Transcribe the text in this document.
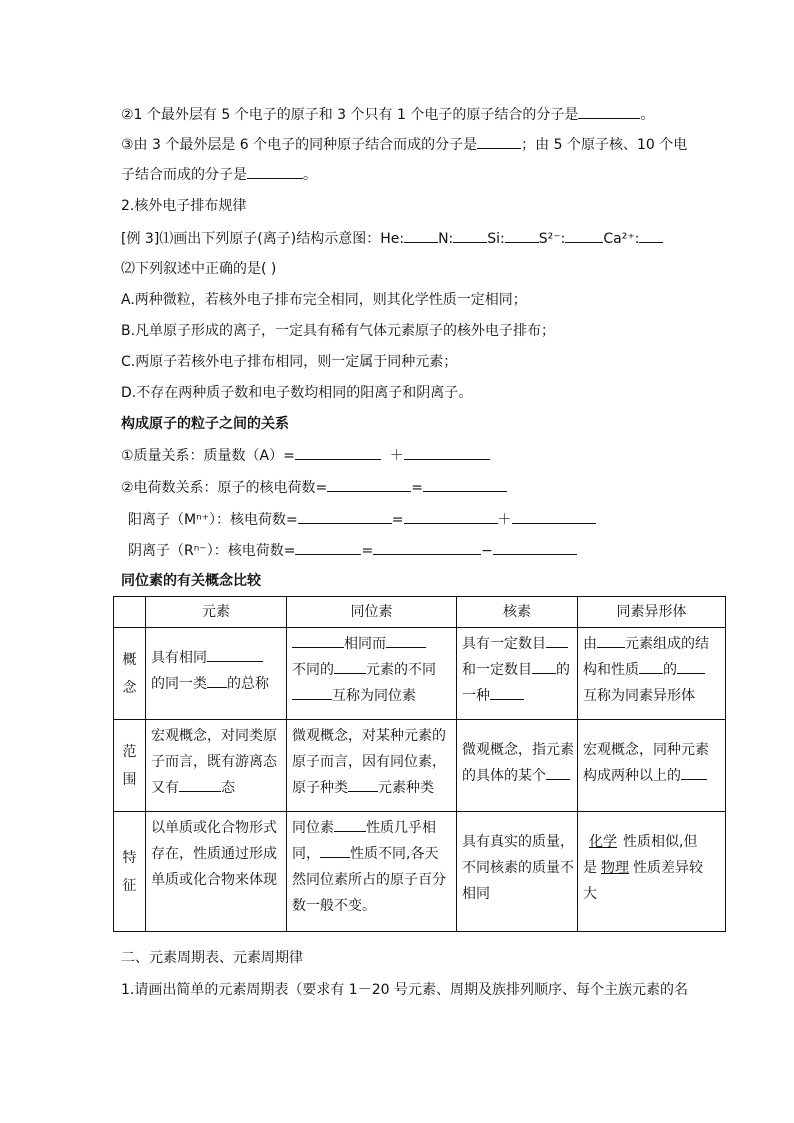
②1 个最外层有 5 个电子的原子和 3 个只有 1 个电子的原子结合的分子是	。
③由 3 个最外层是 6 个电子的同种原子结合而成的分子是	；由 5 个原子核、10 个电
子结合而成的分子是	。
2.核外电子排布规律
[例 3]⑴画出下列原子(离子)结构示意图：He: N: Si: S²⁻:	Ca²⁺:
⑵下列叙述中正确的是( )
A.两种微粒，若核外电子排布完全相同，则其化学性质一定相同；
B.凡单原子形成的离子，一定具有稀有气体元素原子的核外电子排布；
C.两原子若核外电子排布相同，则一定属于同种元素；
D.不存在两种质子数和电子数均相同的阳离子和阴离子。
构成原子的粒子之间的关系
①质量关系：质量数（A）=	＋
②电荷数关系：原子的核电荷数=	=
阳离子（Mⁿ⁺）：核电荷数=	=	＋
阴离子（Rⁿ⁻）：核电荷数=	=	−
同位素的有关概念比较
	元素	同位素	核素	同素异形体

概
念	具有相同
的同一类 的总称	相同而
不同的 元素的不同
互称为同位素	具有一定数目
和一定数目 的
一种	由 元素组成的结
构和性质 的
互称为同素异形体

范
围	宏观概念，对同类原
子而言，既有游离态
又有 态	微观概念，对某种元素的
原子而言，因有同位素，
原子种类 元素种类	微观概念，指元素
的具体的某个	宏观概念，同种元素
构成两种以上的

特
征	以单质或化合物形式
存在，性质通过形成
单质或化合物来体现	同位素 性质几乎相
同， 性质不同,各天
然同位素所占的原子百分
数一般不变。	具有真实的质量，
不同核素的质量不
相同	化学 性质相似,但
是 物理 性质差异较
大
二、元素周期表、元素周期律
1.请画出简单的元素周期表（要求有 1－20 号元素、周期及族排列顺序、每个主族元素的名
